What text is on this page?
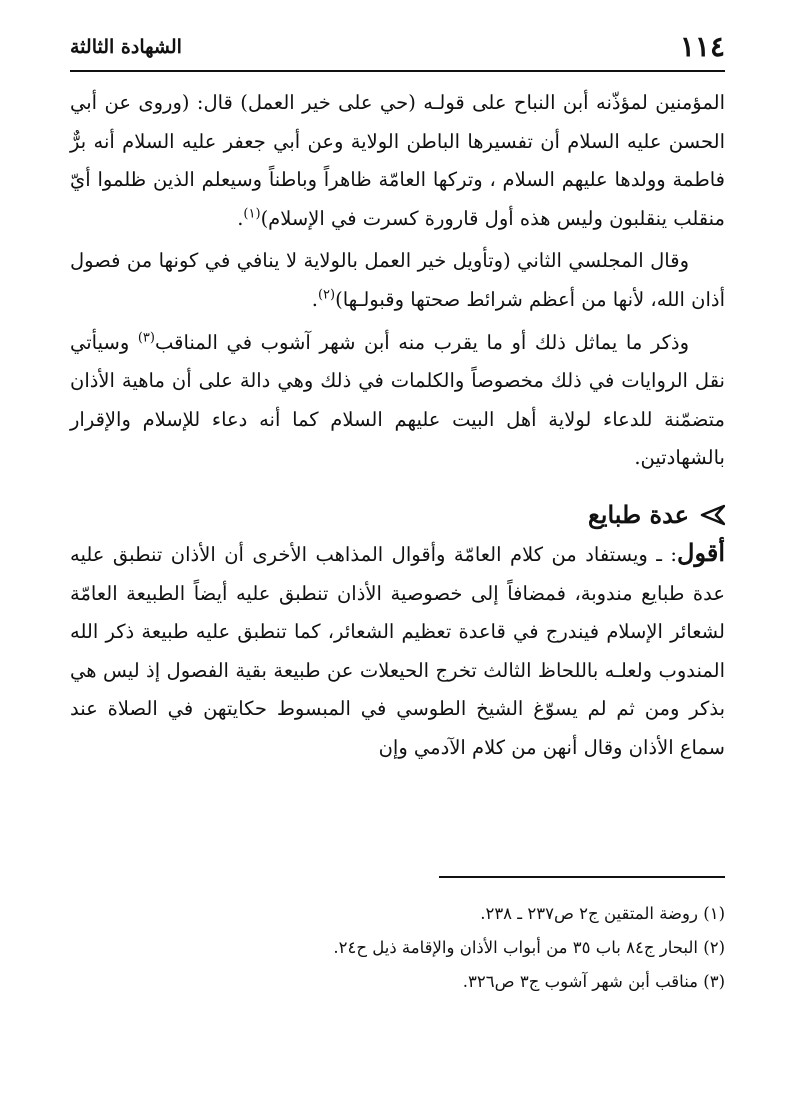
١١٤
الشهادة الثالثة

المؤمنين لمؤذّنه أبن النباح على قولـه (حي على خير العمل) قال: (وروى عن أبي الحسن عليه السلام أن تفسيرها الباطن الولاية وعن أبي جعفر عليه السلام أنه برٌّ فاطمة وولدها عليهم السلام ، وتركها العامّة ظاهراً وباطناً وسيعلم الذين ظلموا أيّ منقلب ينقلبون وليس هذه أول قارورة كسرت في الإسلام)$^{(١)}$.

وقال المجلسي الثاني (وتأويل خير العمل بالولاية لا ينافي في كونها من فصول أذان الله، لأنها من أعظم شرائط صحتها وقبولـها)$^{(٢)}$.

وذكر ما يماثل ذلك أو ما يقرب منه أبن شهر آشوب في المناقب$^{(٣)}$ وسيأتي نقل الروايات في ذلك مخصوصاً والكلمات في ذلك وهي دالة على أن ماهية الأذان متضمّنة للدعاء لولاية أهل البيت عليهم السلام كما أنه دعاء للإسلام والإقرار بالشهادتين.

عدة طبايع

أقول: ـ ويستفاد من كلام العامّة وأقوال المذاهب الأخرى أن الأذان تنطبق عليه عدة طبايع مندوبة، فمضافاً إلى خصوصية الأذان تنطبق عليه أيضاً الطبيعة العامّة لشعائر الإسلام فيندرج في قاعدة تعظيم الشعائر، كما تنطبق عليه طبيعة ذكر الله المندوب ولعلـه باللحاظ الثالث تخرج الحيعلات عن طبيعة بقية الفصول إذ ليس هي بذكر ومن ثم لم يسوّغ الشيخ الطوسي في المبسوط حكايتهن في الصلاة عند سماع الأذان وقال أنهن من كلام الآدمي وإن

(١) روضة المتقين ج٢ ص٢٣٧ ـ ٢٣٨.

(٢) البحار ج٨٤ باب ٣٥ من أبواب الأذان والإقامة ذيل ح٢٤.

(٣) مناقب أبن شهر آشوب ج٣ ص٣٢٦.
